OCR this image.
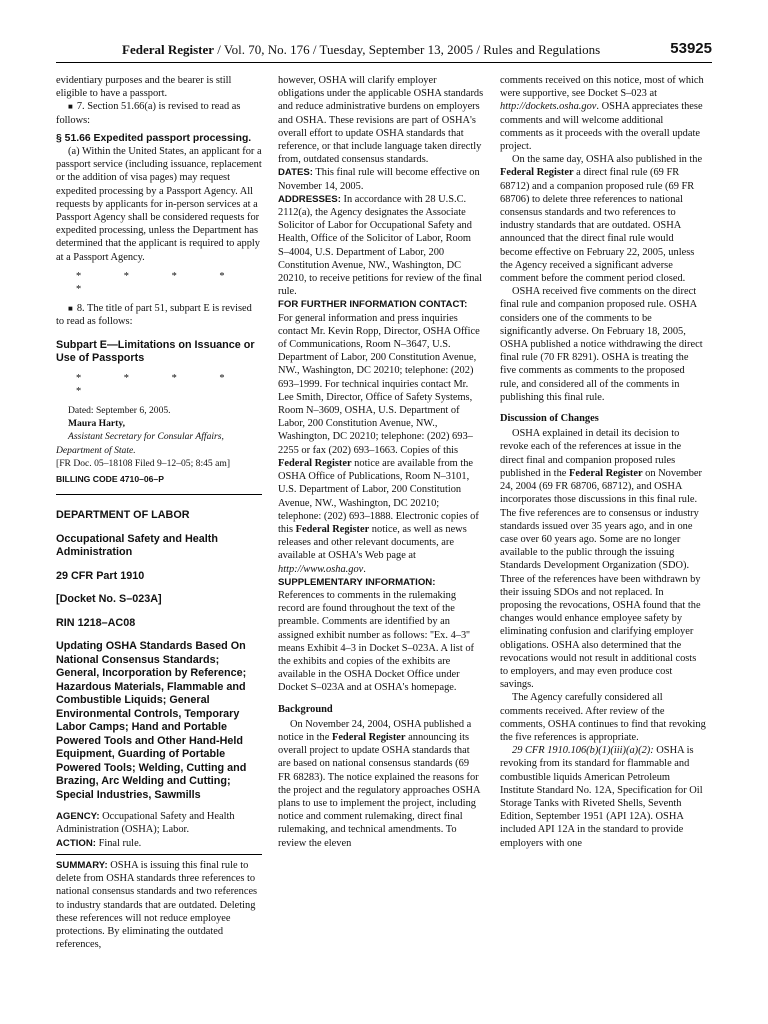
Federal Register / Vol. 70, No. 176 / Tuesday, September 13, 2005 / Rules and Regulations	53925

evidentiary purposes and the bearer is still eligible to have a passport.

■ 7. Section 51.66(a) is revised to read as follows:

§ 51.66 Expedited passport processing.

(a) Within the United States, an applicant for a passport service (including issuance, replacement or the addition of visa pages) may request expedited processing by a Passport Agency. All requests by applicants for in-person services at a Passport Agency shall be considered requests for expedited processing, unless the Department has determined that the applicant is required to apply at a Passport Agency.

* * * * *

■ 8. The title of part 51, subpart E is revised to read as follows:

Subpart E—Limitations on Issuance or Use of Passports

* * * * *

Dated: September 6, 2005.

Maura Harty,

Assistant Secretary for Consular Affairs, Department of State.

[FR Doc. 05–18108 Filed 9–12–05; 8:45 am]

BILLING CODE 4710–06–P

DEPARTMENT OF LABOR

Occupational Safety and Health Administration

29 CFR Part 1910

[Docket No. S–023A]

RIN 1218–AC08

Updating OSHA Standards Based On National Consensus Standards; General, Incorporation by Reference; Hazardous Materials, Flammable and Combustible Liquids; General Environmental Controls, Temporary Labor Camps; Hand and Portable Powered Tools and Other Hand-Held Equipment, Guarding of Portable Powered Tools; Welding, Cutting and Brazing, Arc Welding and Cutting; Special Industries, Sawmills

AGENCY: Occupational Safety and Health Administration (OSHA); Labor.

ACTION: Final rule.

SUMMARY: OSHA is issuing this final rule to delete from OSHA standards three references to national consensus standards and two references to industry standards that are outdated. Deleting these references will not reduce employee protections. By eliminating the outdated references,

however, OSHA will clarify employer obligations under the applicable OSHA standards and reduce administrative burdens on employers and OSHA. These revisions are part of OSHA's overall effort to update OSHA standards that reference, or that include language taken directly from, outdated consensus standards.

DATES: This final rule will become effective on November 14, 2005.

ADDRESSES: In accordance with 28 U.S.C. 2112(a), the Agency designates the Associate Solicitor of Labor for Occupational Safety and Health, Office of the Solicitor of Labor, Room S–4004, U.S. Department of Labor, 200 Constitution Avenue, NW., Washington, DC 20210, to receive petitions for review of the final rule.

FOR FURTHER INFORMATION CONTACT: For general information and press inquiries contact Mr. Kevin Ropp, Director, OSHA Office of Communications, Room N–3647, U.S. Department of Labor, 200 Constitution Avenue, NW., Washington, DC 20210; telephone: (202) 693–1999. For technical inquiries contact Mr. Lee Smith, Director, Office of Safety Systems, Room N–3609, OSHA, U.S. Department of Labor, 200 Constitution Avenue, NW., Washington, DC 20210; telephone: (202) 693–2255 or fax (202) 693–1663. Copies of this Federal Register notice are available from the OSHA Office of Publications, Room N–3101, U.S. Department of Labor, 200 Constitution Avenue, NW., Washington, DC 20210; telephone: (202) 693–1888. Electronic copies of this Federal Register notice, as well as news releases and other relevant documents, are available at OSHA's Web page at http://www.osha.gov.

SUPPLEMENTARY INFORMATION: References to comments in the rulemaking record are found throughout the text of the preamble. Comments are identified by an assigned exhibit number as follows: ''Ex. 4–3'' means Exhibit 4–3 in Docket S–023A. A list of the exhibits and copies of the exhibits are available in the OSHA Docket Office under Docket S–023A and at OSHA's homepage.

Background

On November 24, 2004, OSHA published a notice in the Federal Register announcing its overall project to update OSHA standards that are based on national consensus standards (69 FR 68283). The notice explained the reasons for the project and the regulatory approaches OSHA plans to use to implement the project, including notice and comment rulemaking, direct final rulemaking, and technical amendments. To review the eleven

comments received on this notice, most of which were supportive, see Docket S–023 at http://dockets.osha.gov. OSHA appreciates these comments and will welcome additional comments as it proceeds with the overall update project.

On the same day, OSHA also published in the Federal Register a direct final rule (69 FR 68712) and a companion proposed rule (69 FR 68706) to delete three references to national consensus standards and two references to industry standards that are outdated. OSHA announced that the direct final rule would become effective on February 22, 2005, unless the Agency received a significant adverse comment before the comment period closed.

OSHA received five comments on the direct final rule and companion proposed rule. OSHA considers one of the comments to be significantly adverse. On February 18, 2005, OSHA published a notice withdrawing the direct final rule (70 FR 8291). OSHA is treating the five comments as comments to the proposed rule, and considered all of the comments in publishing this final rule.

Discussion of Changes

OSHA explained in detail its decision to revoke each of the references at issue in the direct final and companion proposed rules published in the Federal Register on November 24, 2004 (69 FR 68706, 68712), and OSHA incorporates those discussions in this final rule. The five references are to consensus or industry standards issued over 35 years ago, and in one case over 60 years ago. Some are no longer available to the public through the issuing Standards Development Organization (SDO). Three of the references have been withdrawn by their issuing SDOs and not replaced. In proposing the revocations, OSHA found that the changes would enhance employee safety by eliminating confusion and clarifying employer obligations. OSHA also determined that the revocations would not result in additional costs to employers, and may even produce cost savings.

The Agency carefully considered all comments received. After review of the comments, OSHA continues to find that revoking the five references is appropriate.

29 CFR 1910.106(b)(1)(iii)(a)(2): OSHA is revoking from its standard for flammable and combustible liquids American Petroleum Institute Standard No. 12A, Specification for Oil Storage Tanks with Riveted Shells, Seventh Edition, September 1951 (API 12A). OSHA included API 12A in the standard to provide employers with one
